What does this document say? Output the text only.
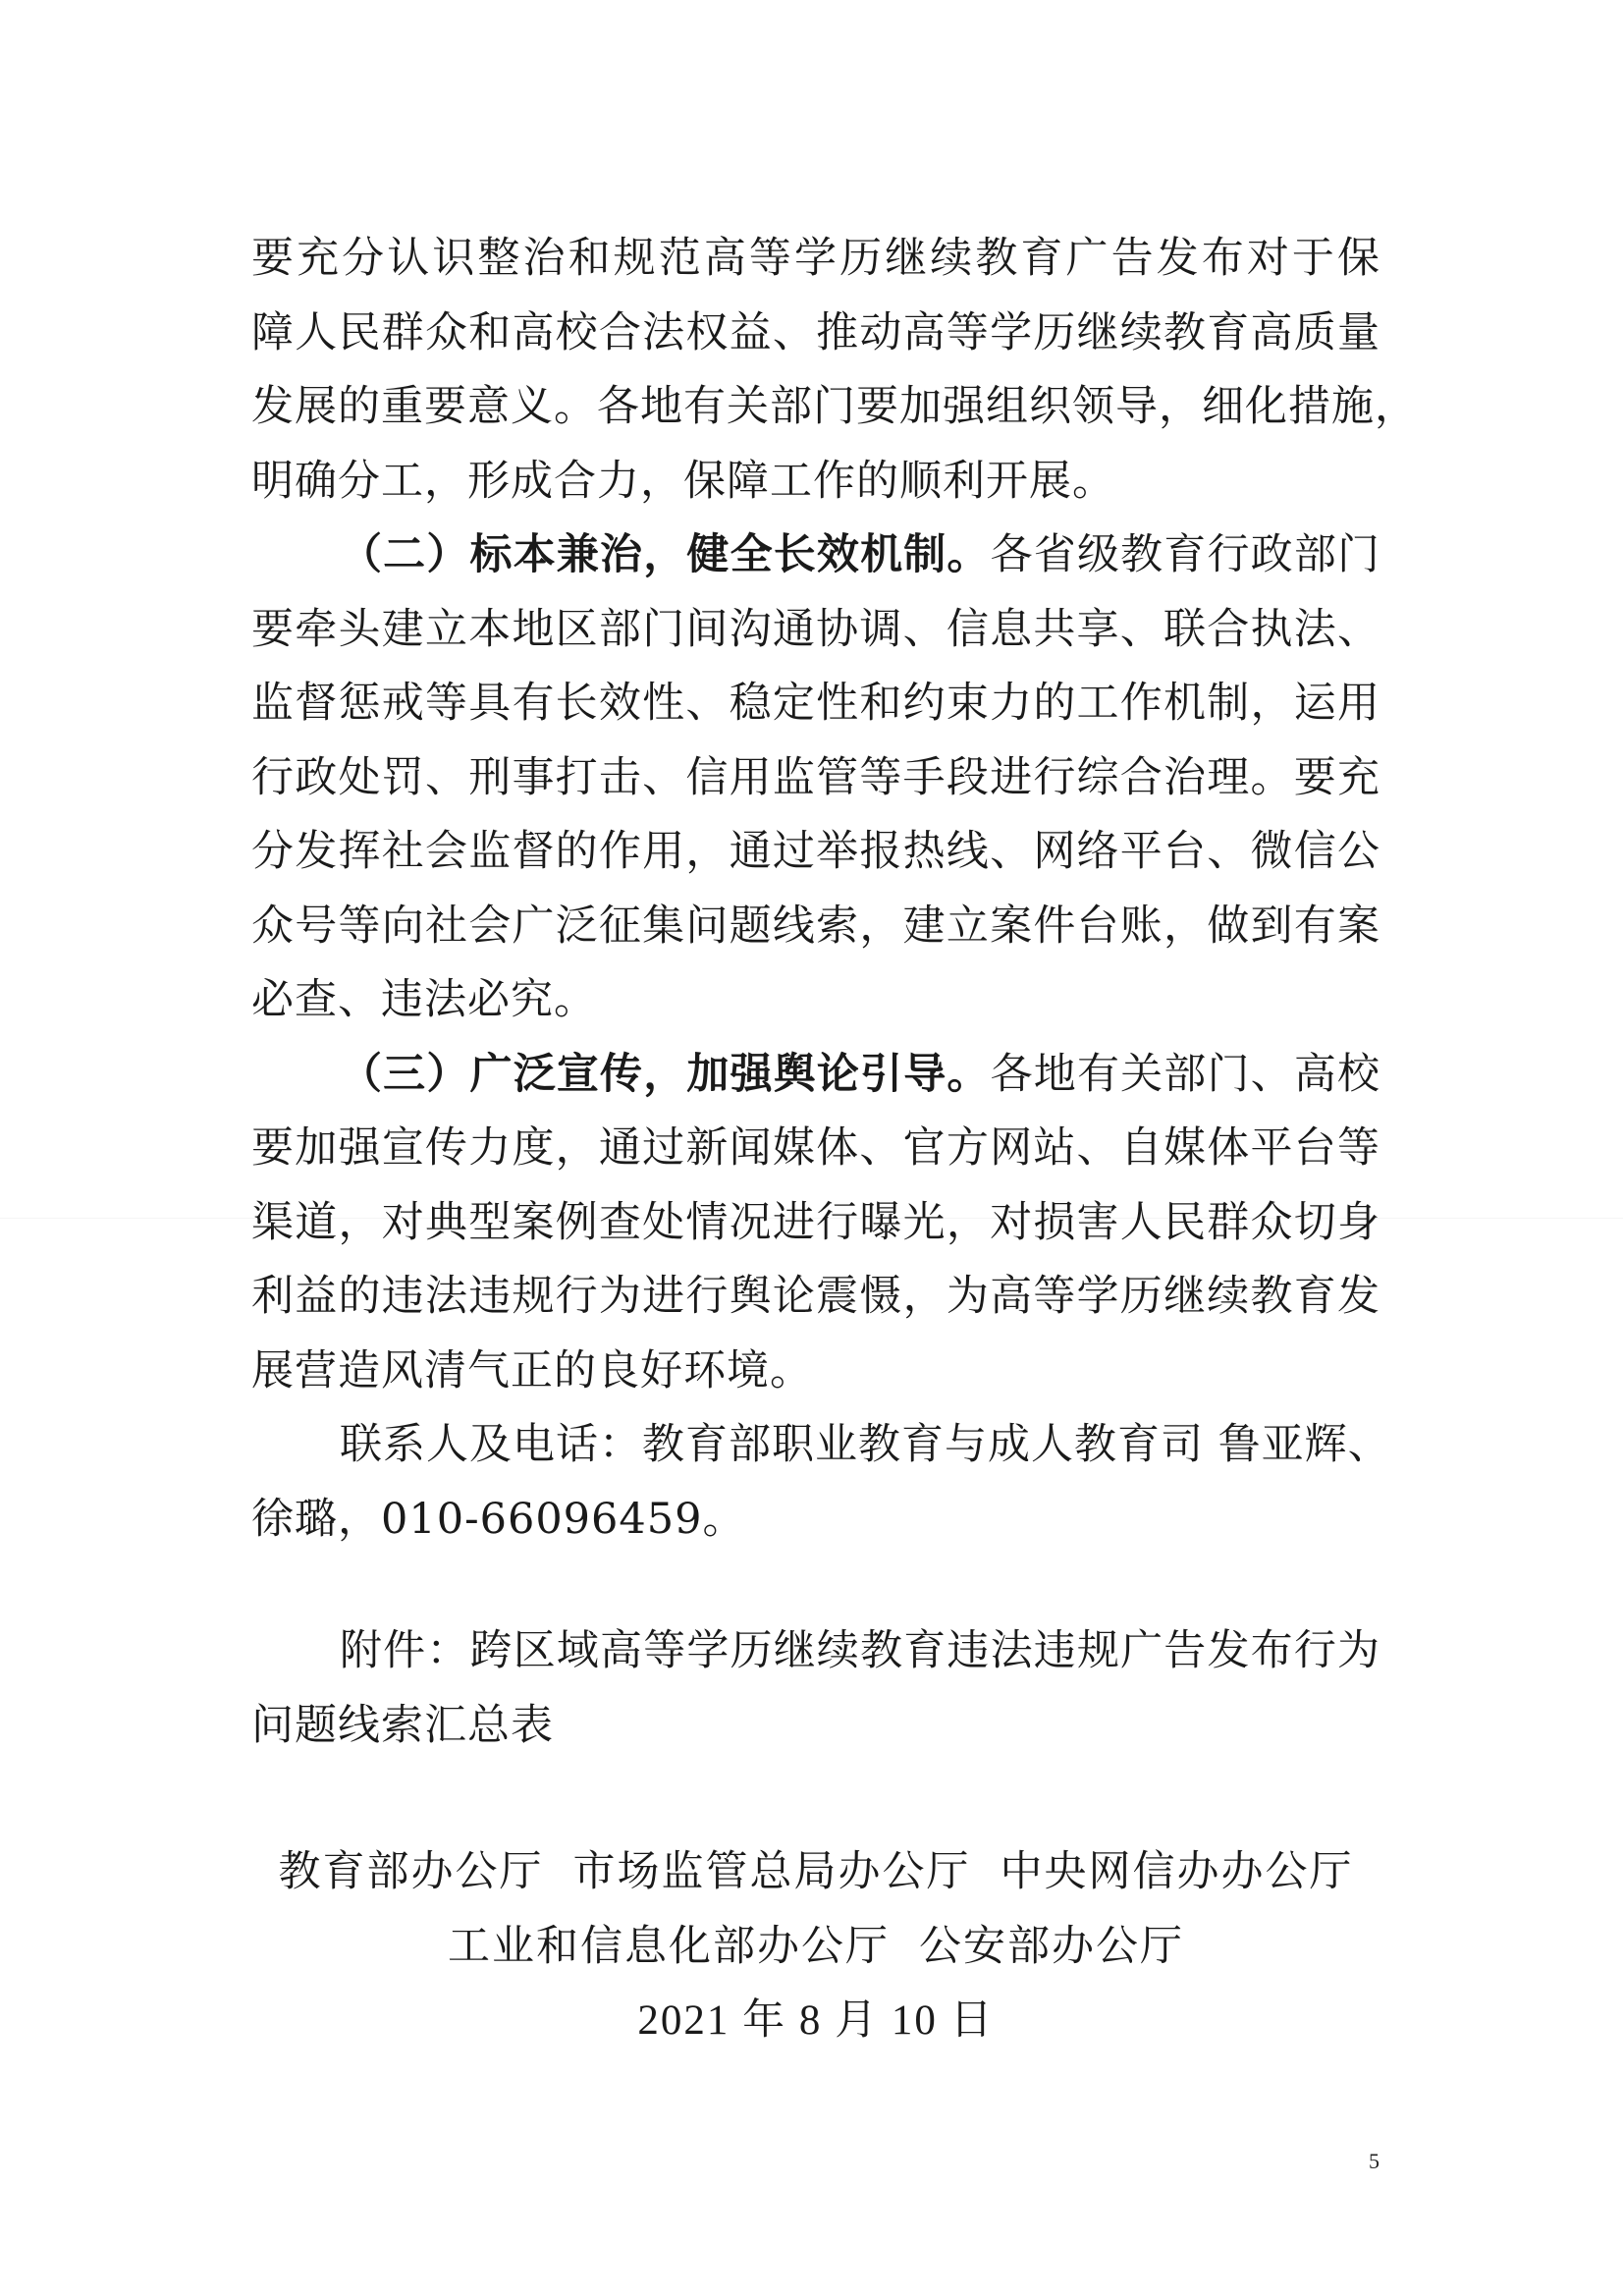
要充分认识整治和规范高等学历继续教育广告发布对于保
障人民群众和高校合法权益、推动高等学历继续教育高质量
发展的重要意义。各地有关部门要加强组织领导，细化措施，
明确分工，形成合力，保障工作的顺利开展。
（二）标本兼治，健全长效机制。各省级教育行政部门
要牵头建立本地区部门间沟通协调、信息共享、联合执法、
监督惩戒等具有长效性、稳定性和约束力的工作机制，运用
行政处罚、刑事打击、信用监管等手段进行综合治理。要充
分发挥社会监督的作用，通过举报热线、网络平台、微信公
众号等向社会广泛征集问题线索，建立案件台账，做到有案
必查、违法必究。
（三）广泛宣传，加强舆论引导。各地有关部门、高校
要加强宣传力度，通过新闻媒体、官方网站、自媒体平台等
渠道，对典型案例查处情况进行曝光，对损害人民群众切身
利益的违法违规行为进行舆论震慑，为高等学历继续教育发
展营造风清气正的良好环境。
联系人及电话：教育部职业教育与成人教育司 鲁亚辉、
徐璐，010-66096459。
附件：跨区域高等学历继续教育违法违规广告发布行为
问题线索汇总表
教育部办公厅 市场监管总局办公厅 中央网信办办公厅
工业和信息化部办公厅 公安部办公厅
2021 年 8 月 10 日
5
